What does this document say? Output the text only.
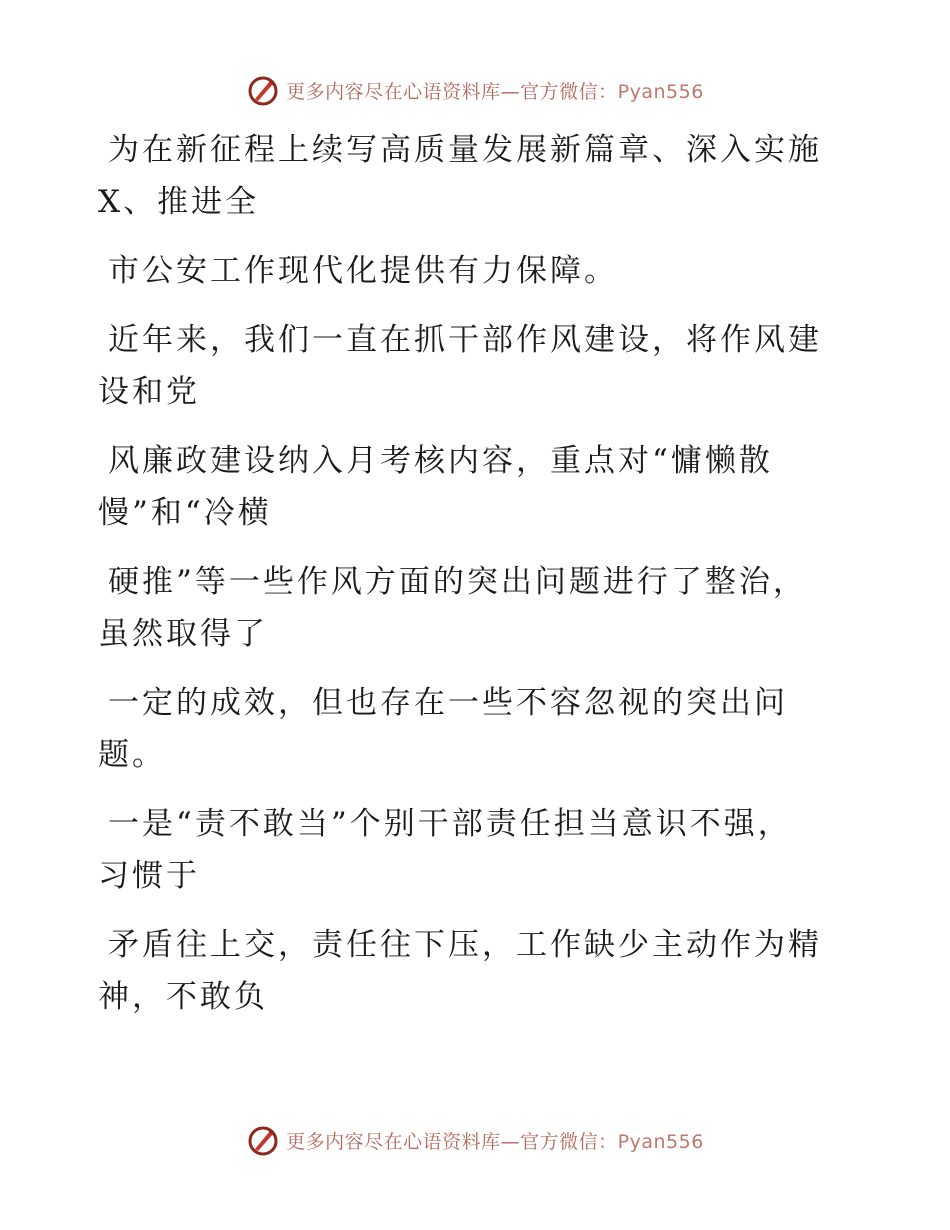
更多内容尽在心语资料库—官方微信：Pyan556

为在新征程上续写高质量发展新篇章、深入实施
X、推进全

市公安工作现代化提供有力保障。

近年来，我们一直在抓干部作风建设，将作风建
设和党

风廉政建设纳入月考核内容，重点对“慵懒散
慢”和“冷横

硬推”等一些作风方面的突出问题进行了整治，
虽然取得了

一定的成效，但也存在一些不容忽视的突出问
题。

一是“责不敢当”个别干部责任担当意识不强，
习惯于

矛盾往上交，责任往下压，工作缺少主动作为精
神，不敢负

更多内容尽在心语资料库—官方微信：Pyan556
